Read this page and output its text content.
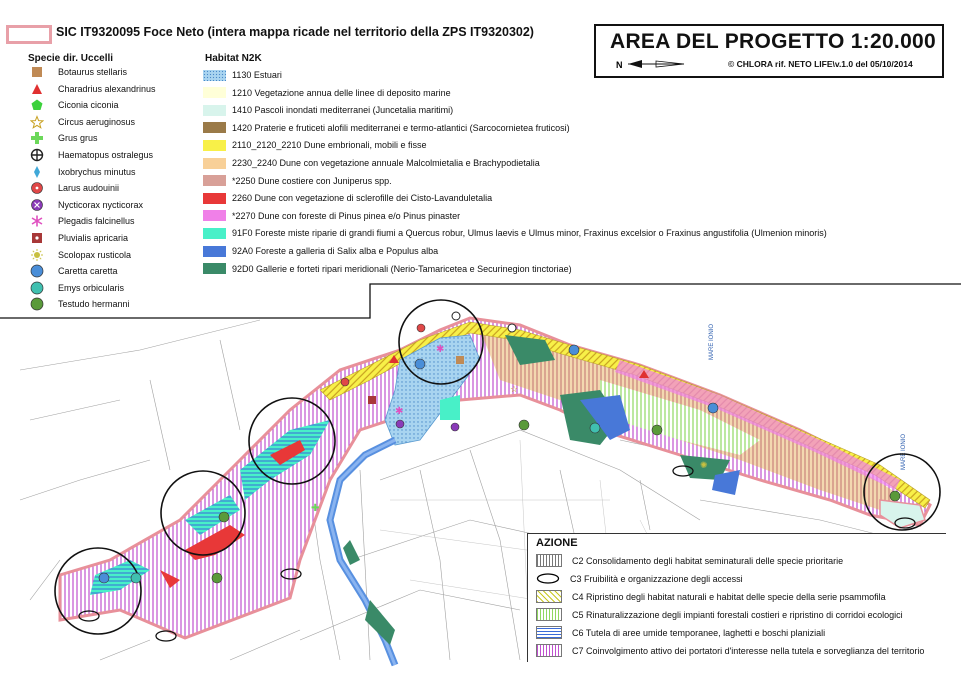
MARE IONIO
MARE IONIO
✱
✱
✚
☆
✺
SIC IT9320095 Foce Neto (intera mappa ricade nel territorio della ZPS IT9320302)	AREA DEL PROGETTO 1:20.000
N	© CHLORA rif. NETO LIFE\v.1.0 del 05/10/2014
Specie dir. Uccelli
Botaurus stellaris
Charadrius alexandrinus
Ciconia ciconia
Circus aeruginosus
Grus grus
Haematopus ostralegus
Ixobrychus minutus
Larus audouinii
Nycticorax nycticorax
Plegadis falcinellus
Pluvialis apricaria
Scolopax rusticola
Caretta caretta
Emys orbicularis
Testudo hermanni
Habitat N2K
1130 Estuari
1210 Vegetazione annua delle linee di deposito marine
1410 Pascoli inondati mediterranei (Juncetalia maritimi)
1420 Praterie e fruticeti alofili mediterranei e termo-atlantici (Sarcocornietea fruticosi)
2110_2120_2210 Dune embrionali, mobili e fisse
2230_2240 Dune con vegetazione annuale Malcolmietalia e Brachypodietalia
*2250 Dune costiere con Juniperus spp.
2260 Dune con vegetazione di sclerofille dei Cisto-Lavanduletalia
*2270 Dune con foreste di Pinus pinea e/o Pinus pinaster
91F0 Foreste miste riparie di grandi fiumi a Quercus robur, Ulmus laevis e Ulmus minor, Fraxinus excelsior o Fraxinus angustifolia (Ulmenion minoris)
92A0 Foreste a galleria di Salix alba e Populus alba
92D0 Gallerie e forteti ripari meridionali (Nerio-Tamaricetea e Securinegion tinctoriae)
AZIONE
C2 Consolidamento degli habitat seminaturali delle specie prioritarie
C3 Fruibilità e organizzazione degli accessi
C4 Ripristino degli habitat naturali e habitat delle specie della serie psammofila
C5 Rinaturalizzazione degli impianti forestali costieri e ripristino di corridoi ecologici
C6 Tutela di aree umide temporanee, laghetti e boschi planiziali
C7 Coinvolgimento attivo dei portatori d'interesse nella tutela e sorveglianza del territorio
